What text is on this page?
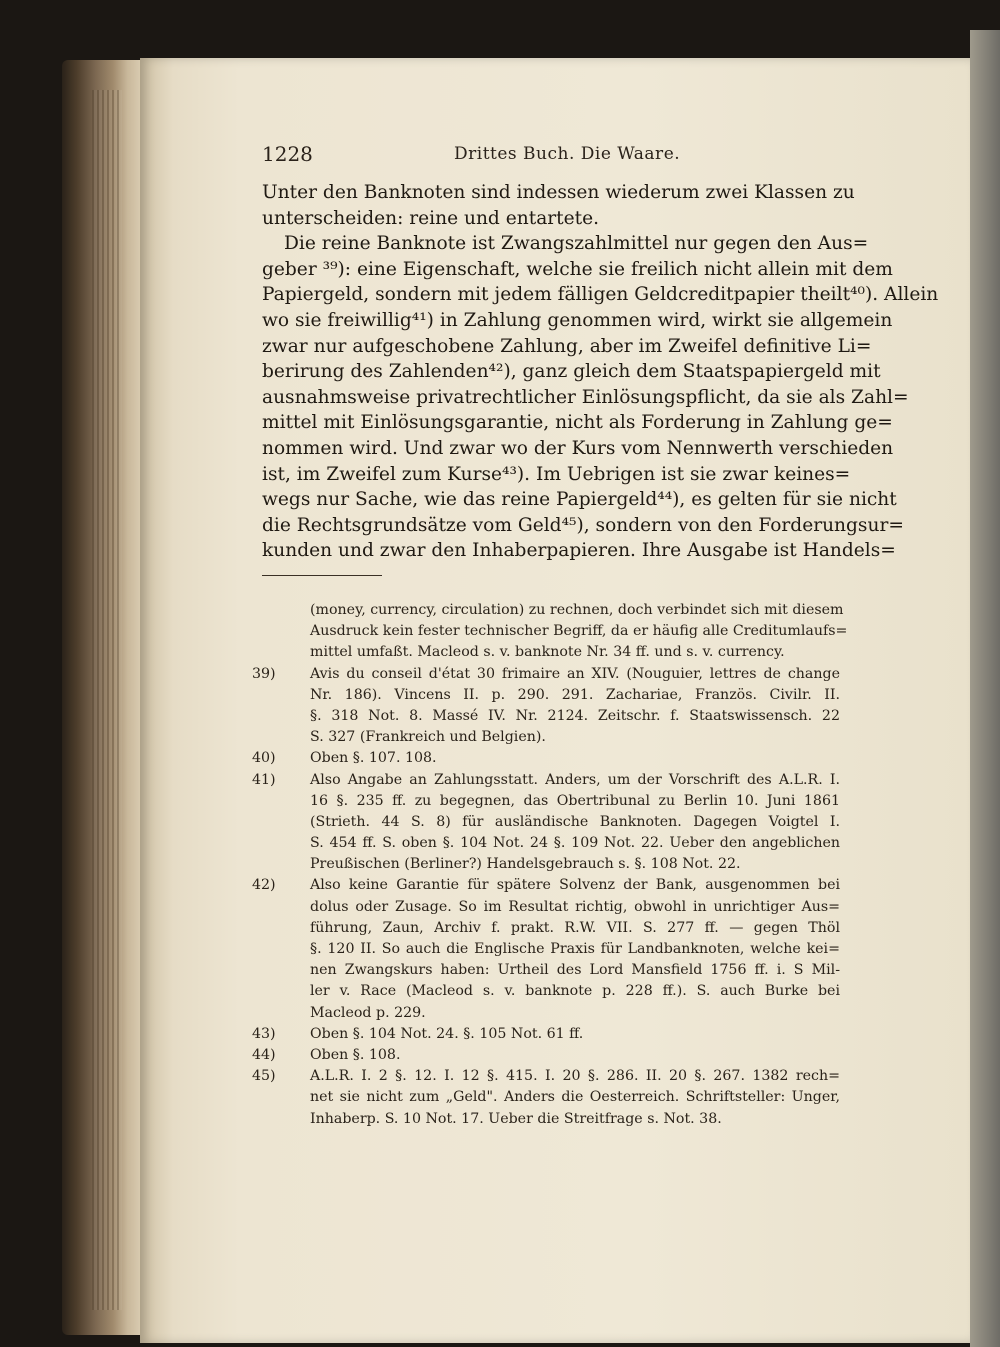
1228	Drittes Buch. Die Waare.
Unter den Banknoten sind indessen wiederum zwei Klassen zu
unterscheiden: reine und entartete.
Die reine Banknote ist Zwangszahlmittel nur gegen den Aus=
geber ³⁹): eine Eigenschaft, welche sie freilich nicht allein mit dem
Papiergeld, sondern mit jedem fälligen Geldcreditpapier theilt⁴⁰). Allein
wo sie freiwillig⁴¹) in Zahlung genommen wird, wirkt sie allgemein
zwar nur aufgeschobene Zahlung, aber im Zweifel definitive Li=
berirung des Zahlenden⁴²), ganz gleich dem Staatspapiergeld mit
ausnahmsweise privatrechtlicher Einlösungspflicht, da sie als Zahl=
mittel mit Einlösungsgarantie, nicht als Forderung in Zahlung ge=
nommen wird. Und zwar wo der Kurs vom Nennwerth verschieden
ist, im Zweifel zum Kurse⁴³). Im Uebrigen ist sie zwar keines=
wegs nur Sache, wie das reine Papiergeld⁴⁴), es gelten für sie nicht
die Rechtsgrundsätze vom Geld⁴⁵), sondern von den Forderungsur=
kunden und zwar den Inhaberpapieren. Ihre Ausgabe ist Handels=
(money, currency, circulation) zu rechnen, doch verbindet sich mit diesem
Ausdruck kein fester technischer Begriff, da er häufig alle Creditumlaufs=
mittel umfaßt. Macleod s. v. banknote Nr. 34 ff. und s. v. currency.
39)	Avis du conseil d'état 30 frimaire an XIV. (Nouguier, lettres de change
Nr. 186). Vincens II. p. 290. 291. Zachariae, Französ. Civilr. II.
§. 318 Not. 8. Massé IV. Nr. 2124. Zeitschr. f. Staatswissensch. 22
S. 327 (Frankreich und Belgien).
40)	Oben §. 107. 108.
41)	Also Angabe an Zahlungsstatt. Anders, um der Vorschrift des A.L.R. I.
16 §. 235 ff. zu begegnen, das Obertribunal zu Berlin 10. Juni 1861
(Strieth. 44 S. 8) für ausländische Banknoten. Dagegen Voigtel I.
S. 454 ff. S. oben §. 104 Not. 24 §. 109 Not. 22. Ueber den angeblichen
Preußischen (Berliner?) Handelsgebrauch s. §. 108 Not. 22.
42)	Also keine Garantie für spätere Solvenz der Bank, ausgenommen bei
dolus oder Zusage. So im Resultat richtig, obwohl in unrichtiger Aus=
führung, Zaun, Archiv f. prakt. R.W. VII. S. 277 ff. — gegen Thöl
§. 120 II. So auch die Englische Praxis für Landbanknoten, welche kei=
nen Zwangskurs haben: Urtheil des Lord Mansfield 1756 ff. i. S Mil-
ler v. Race (Macleod s. v. banknote p. 228 ff.). S. auch Burke bei
Macleod p. 229.
43)	Oben §. 104 Not. 24. §. 105 Not. 61 ff.
44)	Oben §. 108.
45)	A.L.R. I. 2 §. 12. I. 12 §. 415. I. 20 §. 286. II. 20 §. 267. 1382 rech=
net sie nicht zum „Geld". Anders die Oesterreich. Schriftsteller: Unger,
Inhaberp. S. 10 Not. 17. Ueber die Streitfrage s. Not. 38.
